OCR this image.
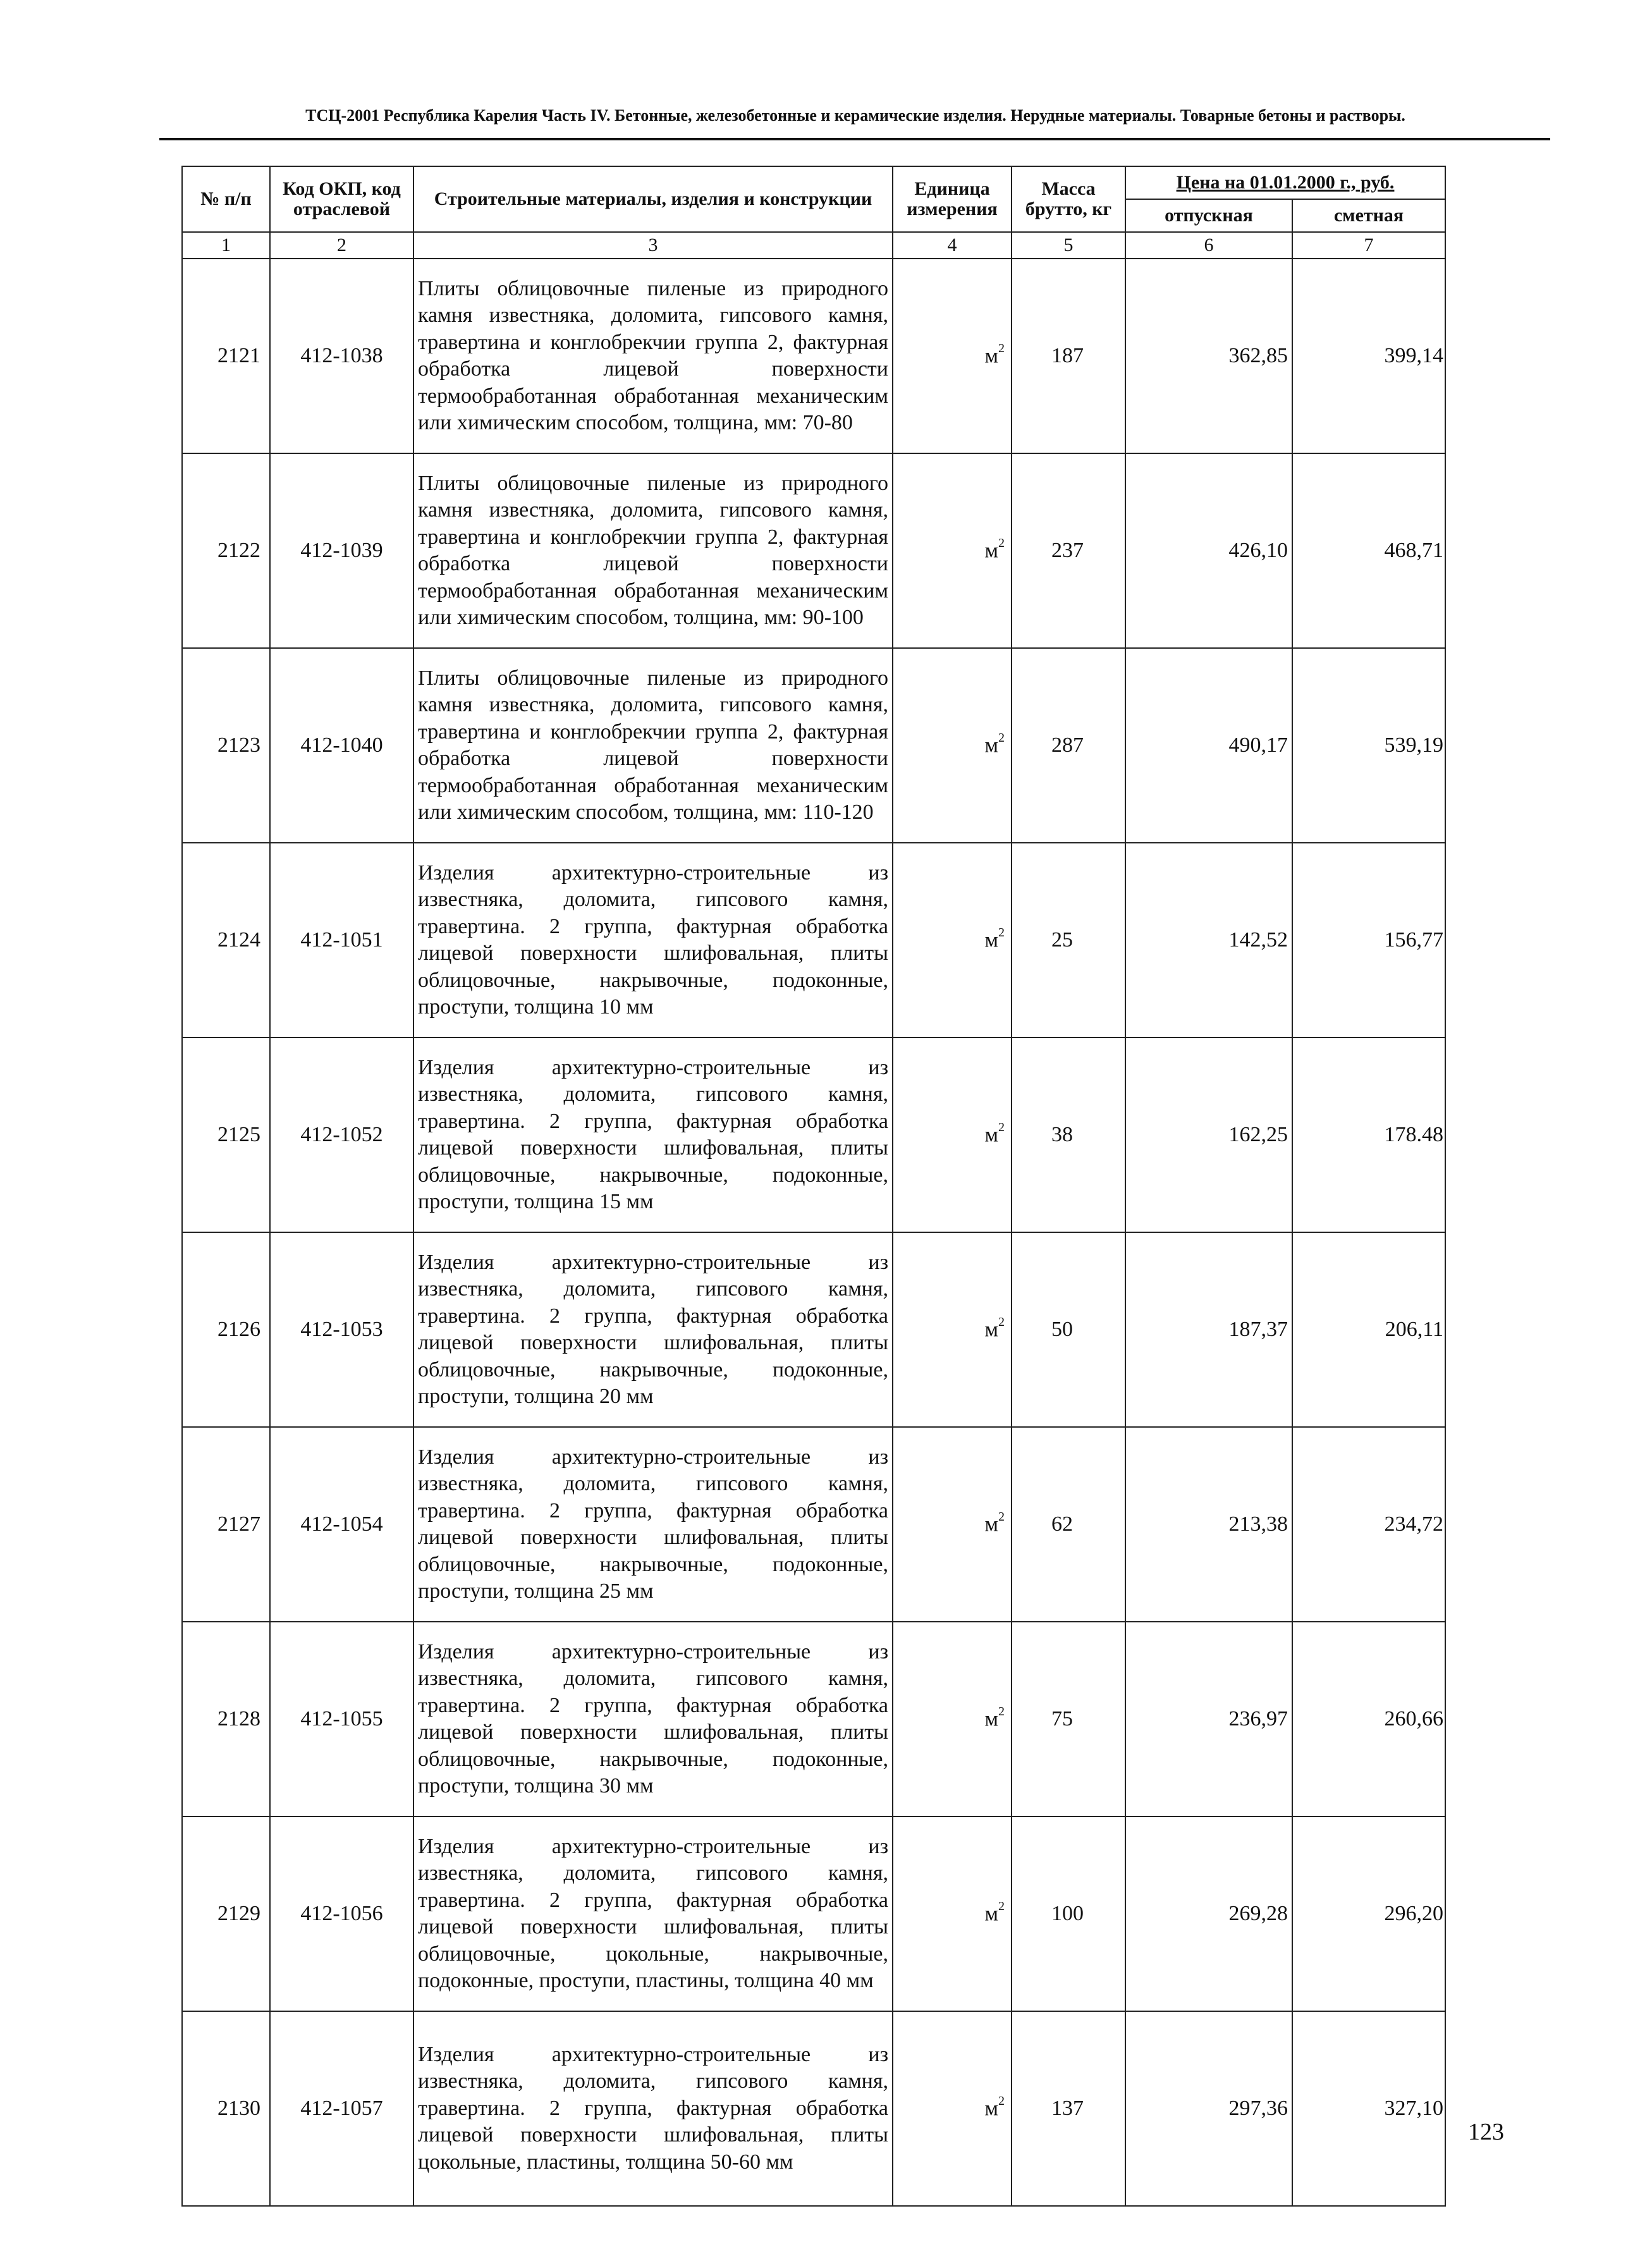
ТСЦ-2001 Республика Карелия Часть IV. Бетонные, железобетонные и керамические изделия. Нерудные материалы. Товарные бетоны и растворы.
№ п/п	Код ОКП, код отраслевой	Строительные материалы, изделия и конструкции	Единица измерения	Масса брутто, кг	Цена на 01.01.2000 г., руб.	
					отпускная	сметная
1	2	3	4	5	6	7
2121	412-1038	Плиты облицовочные пиленые из природного камня известняка, доломита, гипсового камня, травертина и конглобрекчии группа 2, фактурная обработка лицевой поверхности термообработанная обработанная механическим или химическим способом, толщина, мм: 70-80	$м^2$	187	362,85	399,14
2122	412-1039	Плиты облицовочные пиленые из природного камня известняка, доломита, гипсового камня, травертина и конглобрекчии группа 2, фактурная обработка лицевой поверхности термообработанная обработанная механическим или химическим способом, толщина, мм: 90-100	$м^2$	237	426,10	468,71
2123	412-1040	Плиты облицовочные пиленые из природного камня известняка, доломита, гипсового камня, травертина и конглобрекчии группа 2, фактурная обработка лицевой поверхности термообработанная обработанная механическим или химическим способом, толщина, мм: 110-120	$м^2$	287	490,17	539,19
2124	412-1051	Изделия архитектурно-строительные из известняка, доломита, гипсового камня, травертина. 2 группа, фактурная обработка лицевой поверхности шлифовальная, плиты облицовочные, накрывочные, подоконные, проступи, толщина 10 мм	$м^2$	25	142,52	156,77
2125	412-1052	Изделия архитектурно-строительные из известняка, доломита, гипсового камня, травертина. 2 группа, фактурная обработка лицевой поверхности шлифовальная, плиты облицовочные, накрывочные, подоконные, проступи, толщина 15 мм	$м^2$	38	162,25	178.48
2126	412-1053	Изделия архитектурно-строительные из известняка, доломита, гипсового камня, травертина. 2 группа, фактурная обработка лицевой поверхности шлифовальная, плиты облицовочные, накрывочные, подоконные, проступи, толщина 20 мм	$м^2$	50	187,37	206,11
2127	412-1054	Изделия архитектурно-строительные из известняка, доломита, гипсового камня, травертина. 2 группа, фактурная обработка лицевой поверхности шлифовальная, плиты облицовочные, накрывочные, подоконные, проступи, толщина 25 мм	$м^2$	62	213,38	234,72
2128	412-1055	Изделия архитектурно-строительные из известняка, доломита, гипсового камня, травертина. 2 группа, фактурная обработка лицевой поверхности шлифовальная, плиты облицовочные, накрывочные, подоконные, проступи, толщина 30 мм	$м^2$	75	236,97	260,66
2129	412-1056	Изделия архитектурно-строительные из известняка, доломита, гипсового камня, травертина. 2 группа, фактурная обработка лицевой поверхности шлифовальная, плиты облицовочные, цокольные, накрывочные, подоконные, проступи, пластины, толщина 40 мм	$м^2$	100	269,28	296,20
2130	412-1057	Изделия архитектурно-строительные из известняка, доломита, гипсового камня, травертина. 2 группа, фактурная обработка лицевой поверхности шлифовальная, плиты цокольные, пластины, толщина 50-60 мм	$м^2$	137	297,36	327,10
123
